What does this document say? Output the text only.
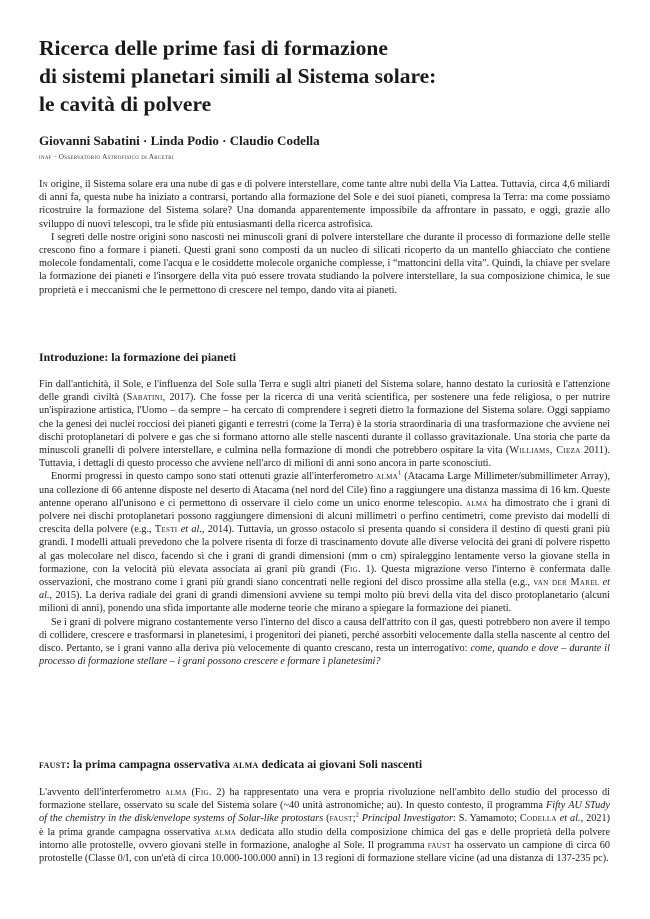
Ricerca delle prime fasi di formazione
di sistemi planetari simili al Sistema solare:
le cavità di polvere
Giovanni Sabatini · Linda Podio · Claudio Codella
inaf · Osservatorio Astrofisico di Arcetri

In origine, il Sistema solare era una nube di gas e di polvere interstellare, come tante altre nubi della Via Lattea. Tuttavia, circa 4,6 miliardi di anni fa, questa nube ha iniziato a contrarsi, portando alla formazione del Sole e dei suoi pianeti, compresa la Terra: ma come possiamo ricostruire la formazione del Sistema solare? Una domanda apparentemente impossibile da affrontare in passato, e oggi, grazie allo sviluppo di nuovi telescopi, tra le sfide più entusiasmanti della ricerca astrofisica.

I segreti delle nostre origini sono nascosti nei minuscoli grani di polvere interstellare che durante il processo di formazione delle stelle crescono fino a formare i pianeti. Questi grani sono composti da un nucleo di silicati ricoperto da un mantello ghiacciato che contiene molecole fondamentali, come l'acqua e le cosiddette molecole organiche complesse, i “mattoncini della vita”. Quindi, la chiave per svelare la formazione dei pianeti e l'insorgere della vita può essere trovata studiando la polvere interstellare, la sua composizione chimica, le sue proprietà e i meccanismi che le permettono di crescere nel tempo, dando vita ai pianeti.

Introduzione: la formazione dei pianeti

Fin dall'antichità, il Sole, e l'influenza del Sole sulla Terra e sugli altri pianeti del Sistema solare, hanno destato la curiosità e l'attenzione delle grandi civiltà (Sabatini, 2017). Che fosse per la ricerca di una verità scientifica, per sostenere una fede religiosa, o per nutrire un'ispirazione artistica, l'Uomo – da sempre – ha cercato di comprendere i segreti dietro la formazione del Sistema solare. Oggi sappiamo che la genesi dei nuclei rocciosi dei pianeti giganti e terrestri (come la Terra) è la storia straordinaria di una trasformazione che avviene nei dischi protoplanetari di polvere e gas che si formano attorno alle stelle nascenti durante il collasso gravitazionale. Una storia che parte da minuscoli granelli di polvere interstellare, e culmina nella formazione di mondi che potrebbero ospitare la vita (Williams, Cieza 2011). Tuttavia, i dettagli di questo processo che avviene nell'arco di milioni di anni sono ancora in parte sconosciuti.

Enormi progressi in questo campo sono stati ottenuti grazie all'interferometro alma$^1$ (Atacama Large Millimeter/submillimeter Array), una collezione di 66 antenne disposte nel deserto di Atacama (nel nord del Cile) fino a raggiungere una distanza massima di 16 km. Queste antenne operano all'unisono e ci permettono di osservare il cielo come un unico enorme telescopio. alma ha dimostrato che i grani di polvere nei dischi protoplanetari possono raggiungere dimensioni di alcuni millimetri o perfino centimetri, come previsto dai modelli di crescita della polvere (e.g., Testi et al., 2014). Tuttavia, un grosso ostacolo si presenta quando si considera il destino di questi grani più grandi. I modelli attuali prevedono che la polvere risenta di forze di trascinamento dovute alle diverse velocità dei grani di polvere rispetto al gas molecolare nel disco, facendo sì che i grani di grandi dimensioni (mm o cm) spiraleggino lentamente verso la giovane stella in formazione, con la velocità più elevata associata ai grani più grandi (Fig. 1). Questa migrazione verso l'interno è confermata dalle osservazioni, che mostrano come i grani più grandi siano concentrati nelle regioni del disco prossime alla stella (e.g., van der Marel et al., 2015). La deriva radiale dei grani di grandi dimensioni avviene su tempi molto più brevi della vita del disco protoplanetario (alcuni milioni di anni), ponendo una sfida importante alle moderne teorie che mirano a spiegare la formazione dei pianeti.

Se i grani di polvere migrano costantemente verso l'interno del disco a causa dell'attrito con il gas, questi potrebbero non avere il tempo di collidere, crescere e trasformarsi in planetesimi, i progenitori dei pianeti, perché assorbiti velocemente dalla stella nascente al centro del disco. Pertanto, se i grani vanno alla deriva più velocemente di quanto crescano, resta un interrogativo: come, quando e dove – durante il processo di formazione stellare – i grani possono crescere e formare i planetesimi?

faust: la prima campagna osservativa alma dedicata ai giovani Soli nascenti

L'avvento dell'interferometro alma (Fig. 2) ha rappresentato una vera e propria rivoluzione nell'ambito dello studio del processo di formazione stellare, osservato su scale del Sistema solare (~40 unità astronomiche; au). In questo contesto, il programma Fifty AU STudy of the chemistry in the disk/envelope systems of Solar-like protostars (faust;$^2$ Principal Investigator: S. Yamamoto; Codella et al., 2021) è la prima grande campagna osservativa alma dedicata allo studio della composizione chimica del gas e delle proprietà della polvere intorno alle protostelle, ovvero giovani stelle in formazione, analoghe al Sole. Il programma faust ha osservato un campione di circa 60 protostelle (Classe 0/I, con un'età di circa 10.000-100.000 anni) in 13 regioni di formazione stellare vicine (ad una distanza di 137-235 pc).
